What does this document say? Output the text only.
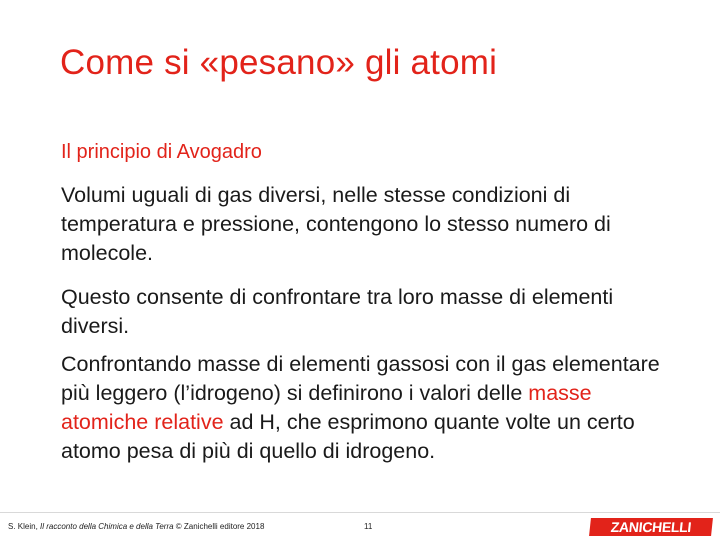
Come si «pesano» gli atomi

Il principio di Avogadro

Volumi uguali di gas diversi, nelle stesse condizioni di temperatura e pressione, contengono lo stesso numero di molecole.

Questo consente di confrontare tra loro masse di elementi diversi.

Confrontando masse di elementi gassosi con il gas elementare più leggero (l’idrogeno) si definirono i valori delle masse atomiche relative ad H, che esprimono quante volte un certo atomo pesa di più di quello di idrogeno.

S. Klein, Il racconto della Chimica e della Terra © Zanichelli editore 2018	11	ZANICHELLI
